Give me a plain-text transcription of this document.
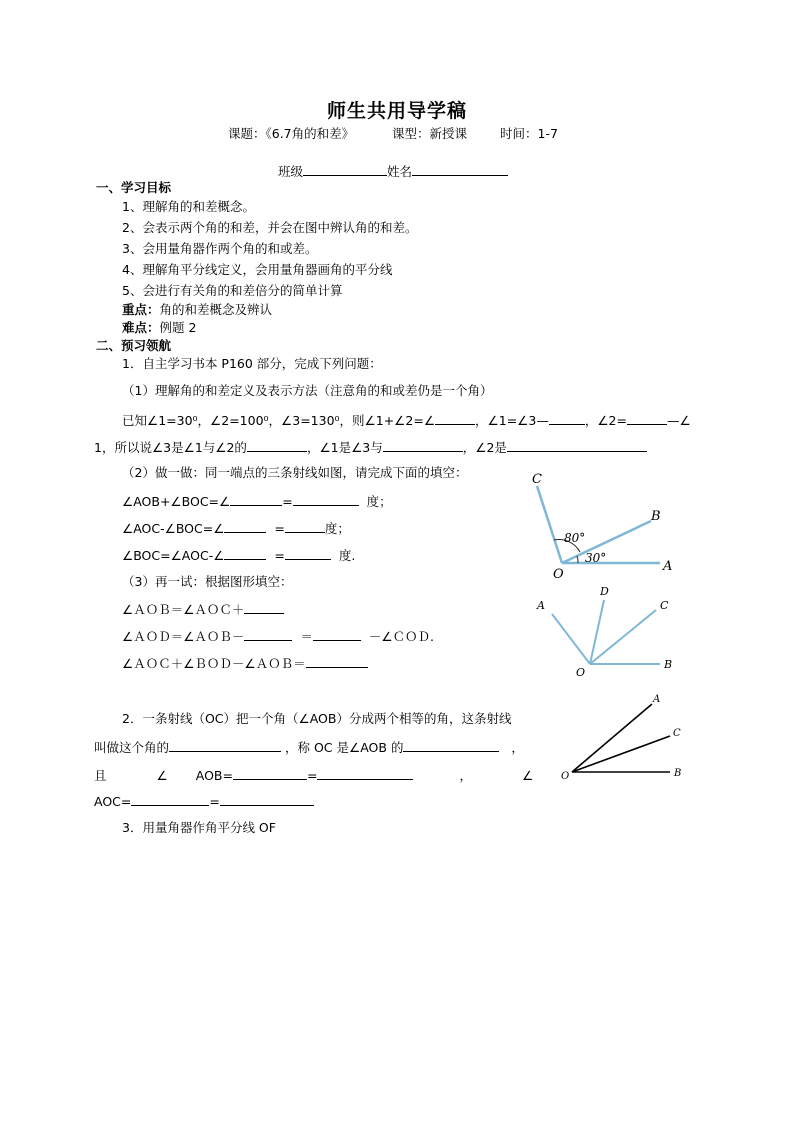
师生共用导学稿
课题：《6.7角的和差》	课型：新授课	时间：1-7
班级	姓名
一、学习目标
1、理解角的和差概念。
2、会表示两个角的和差，并会在图中辨认角的和差。
3、会用量角器作两个角的和或差。
4、理解角平分线定义，会用量角器画角的平分线
5、会进行有关角的和差倍分的简单计算
重点：角的和差概念及辨认
难点：例题 2
二、预习领航
1．自主学习书本 P160 部分，完成下列问题：
（1）理解角的和差定义及表示方法（注意角的和或差仍是一个角）
已知∠1=30⁰，∠2=100⁰，∠3=130⁰，则∠1+∠2=∠	，∠1=∠3—	，∠2=	—∠
1，所以说∠3是∠1与∠2的	，∠1是∠3与	，∠2是
（2）做一做：同一端点的三条射线如图，请完成下面的填空：
∠AOB+∠BOC=∠	=	度；
∠AOC-∠BOC=∠	=	度；
∠BOC=∠AOC-∠	=	度.
（3）再一试：根据图形填空：
∠ＡＯＢ＝∠ＡＯＣ＋
∠ＡＯＤ＝∠ＡＯＢ－	＝	－∠ＣＯＤ.
∠ＡＯＣ＋∠ＢＯＤ－∠ＡＯＢ＝
2．一条射线（OC）把一个角（∠AOB）分成两个相等的角，这条射线
叫做这个角的	，称 OC 是∠AOB 的	，
且	∠ AOB=	=	，	∠
AOC=	=
3．用量角器作角平分线 OF
C
B
O
A
80°
30°
A
D
C
B
O
A
C
O	B
